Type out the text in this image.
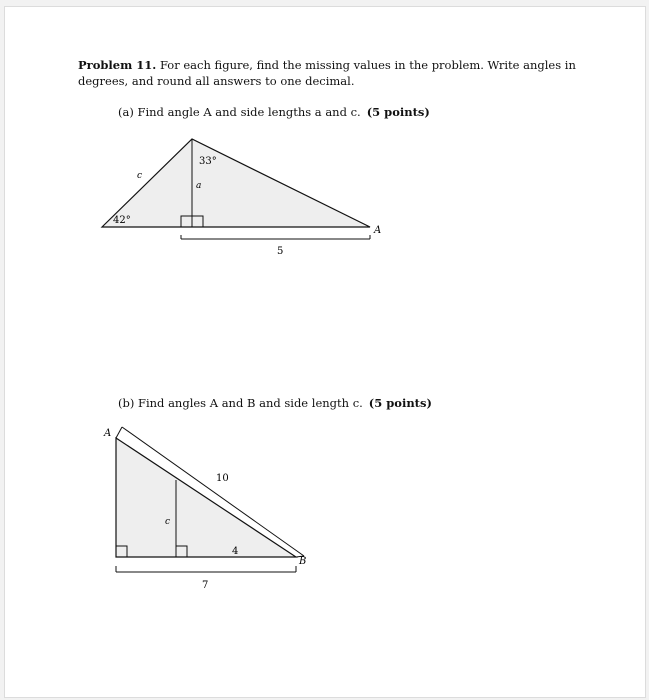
Problem 11. For each figure, find the missing values in the problem. Write angles in degrees, and round all answers to one decimal.
(a) Find angle A and side lengths a and c. (5 points)
(b) Find angles A and B and side length c. (5 points)
33°
a
c
42°
A
5
A
10
c
4
B
7
